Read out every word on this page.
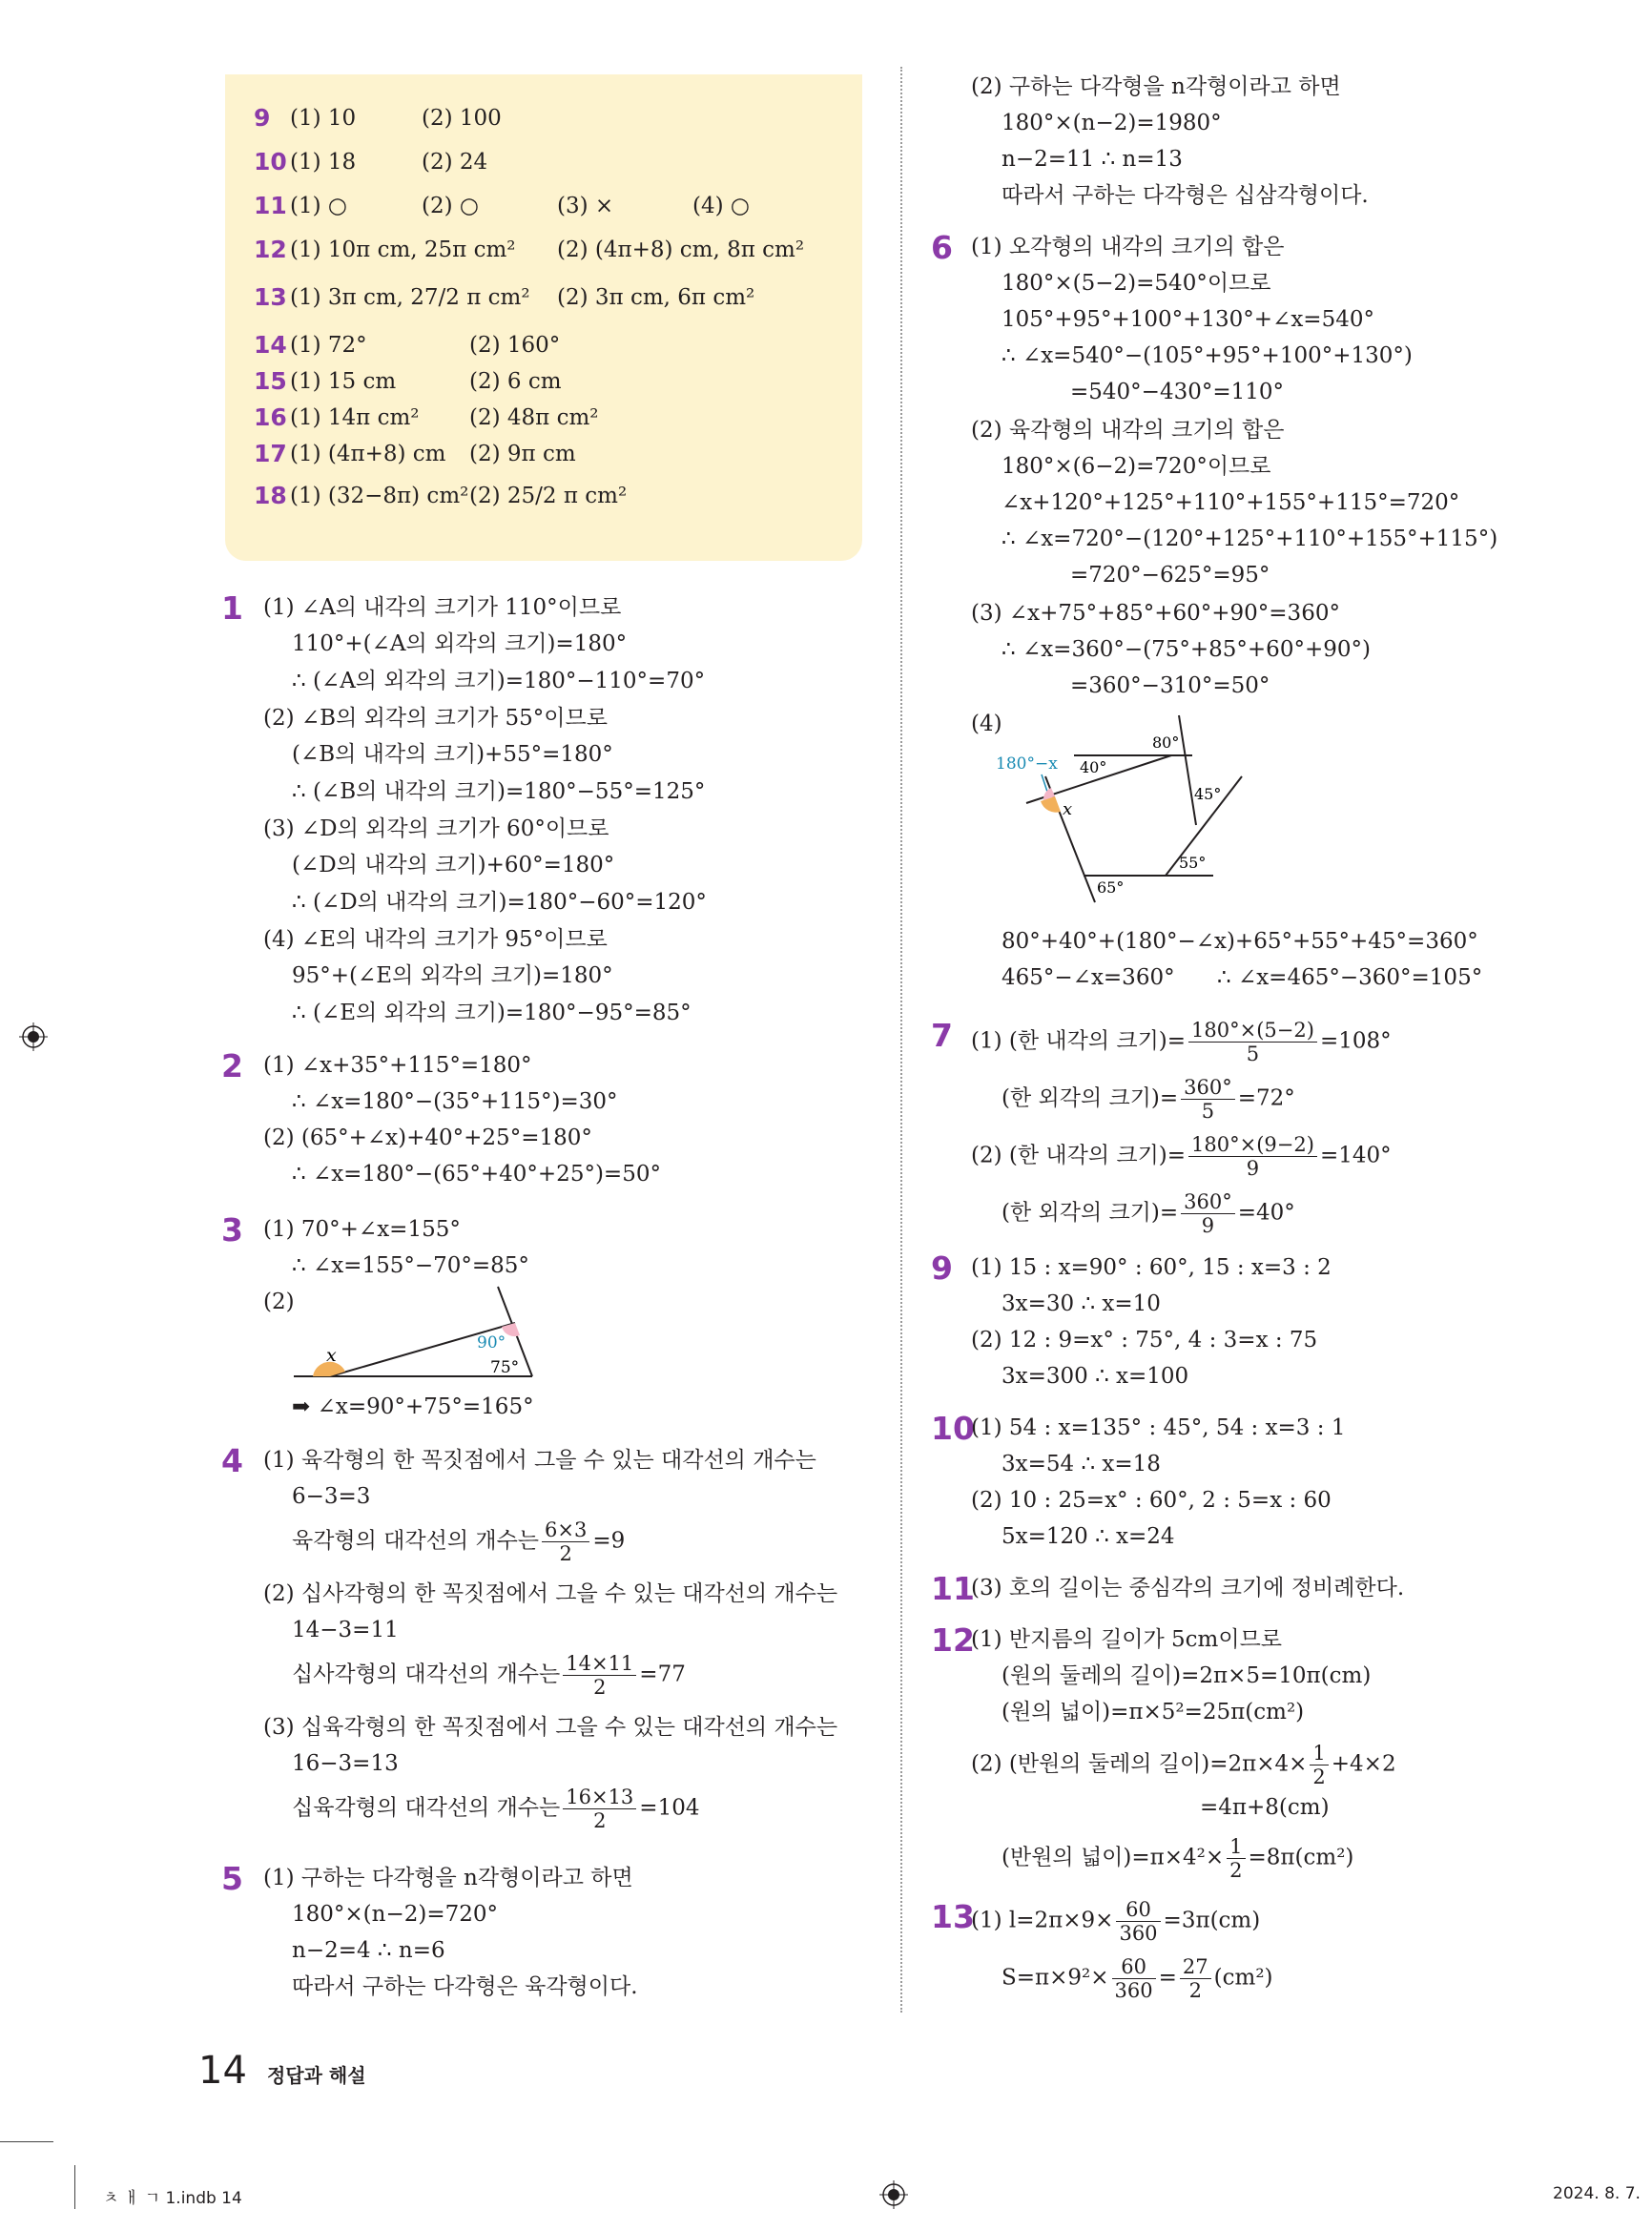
9 (1) 10	(2) 100
10 (1) 18	(2) 24
11 (1) ○	(2) ○	(3) ×	(4) ○
12 (1) 10π cm, 25π cm² (2) (4π+8) cm, 8π cm²
13 (1) 3π cm, 27/2 π cm² (2) 3π cm, 6π cm²
14 (1) 72°	(2) 160°
15 (1) 15 cm	(2) 6 cm
16 (1) 14π cm² (2) 48π cm²
17 (1) (4π+8) cm (2) 9π cm
18 (1) (32−8π) cm² (2) 25/2 π cm²
1 (1) ∠A의 내각의 크기가 110°이므로
110°+(∠A의 외각의 크기)=180°
∴ (∠A의 외각의 크기)=180°−110°=70°
(2) ∠B의 외각의 크기가 55°이므로
(∠B의 내각의 크기)+55°=180°
∴ (∠B의 내각의 크기)=180°−55°=125°
(3) ∠D의 외각의 크기가 60°이므로
(∠D의 내각의 크기)+60°=180°
∴ (∠D의 내각의 크기)=180°−60°=120°
(4) ∠E의 내각의 크기가 95°이므로
95°+(∠E의 외각의 크기)=180°
∴ (∠E의 외각의 크기)=180°−95°=85°
2 (1) ∠x+35°+115°=180°
∴ ∠x=180°−(35°+115°)=30°
(2) (65°+∠x)+40°+25°=180°
∴ ∠x=180°−(65°+40°+25°)=50°
3 (1) 70°+∠x=155°
∴ ∠x=155°−70°=85°
(2)
x
90°
75°
➡ ∠x=90°+75°=165°
4 (1) 육각형의 한 꼭짓점에서 그을 수 있는 대각선의 개수는
6−3=3
육각형의 대각선의 개수는 $\frac{6\times 3}{2} =9$
(2) 십사각형의 한 꼭짓점에서 그을 수 있는 대각선의 개수는
14−3=11
십사각형의 대각선의 개수는 $\frac{14\times 11}{2} =77$
(3) 십육각형의 한 꼭짓점에서 그을 수 있는 대각선의 개수는
16−3=13
십육각형의 대각선의 개수는 $\frac{16\times 13}{2} =104$
5 (1) 구하는 다각형을 n각형이라고 하면
180°×(n−2)=720°
n−2=4 ∴ n=6
따라서 구하는 다각형은 육각형이다.
(2) 구하는 다각형을 n각형이라고 하면
180°×(n−2)=1980°
n−2=11 ∴ n=13
따라서 구하는 다각형은 십삼각형이다.
6 (1) 오각형의 내각의 크기의 합은
180°×(5−2)=540°이므로
105°+95°+100°+130°+∠x=540°
∴ ∠x=540°−(105°+95°+100°+130°)
=540°−430°=110°
(2) 육각형의 내각의 크기의 합은
180°×(6−2)=720°이므로
∠x+120°+125°+110°+155°+115°=720°
∴ ∠x=720°−(120°+125°+110°+155°+115°)
=720°−625°=95°
(3) ∠x+75°+85°+60°+90°=360°
∴ ∠x=360°−(75°+85°+60°+90°)
=360°−310°=50°
(4)
180°−x 40°
80°
45°
55°
65°
x
80°+40°+(180°−∠x)+65°+55°+45°=360°
465°−∠x=360° ∴ ∠x=465°−360°=105°
7 (1) (한 내각의 크기)= $\frac{180^\circ\times(5-2)}{5} =108^\circ$
(한 외각의 크기)= $\frac{360^\circ}{5} =72^\circ$
(2) (한 내각의 크기)= $\frac{180^\circ\times(9-2)}{9} =140^\circ$
(한 외각의 크기)= $\frac{360^\circ}{9} =40^\circ$
9 (1) 15 : x=90° : 60°, 15 : x=3 : 2
3x=30 ∴ x=10
(2) 12 : 9=x° : 75°, 4 : 3=x : 75
3x=300 ∴ x=100
10
(1) 54 : x=135° : 45°, 54 : x=3 : 1
3x=54 ∴ x=18
(2) 10 : 25=x° : 60°, 2 : 5=x : 60
5x=120 ∴ x=24
11
(3) 호의 길이는 중심각의 크기에 정비례한다.
12
(1) 반지름의 길이가 5cm이므로
(원의 둘레의 길이)=2π×5=10π(cm)
(원의 넓이)=π×5²=25π(cm²)
(2) (반원의 둘레의 길이)$=2\pi\times 4\times \frac{1}{2} +4\times 2$
=4π+8(cm)
(반원의 넓이)$=\pi\times 4^2\times \frac{1}{2} =8\pi(cm^2)$
13
(1) $l=2\pi\times 9\times \frac{60}{360} =3\pi(cm)$
$S=\pi\times 9^2\times \frac{60}{360} = \frac{27}{2} (cm^2)$
14 정답과 해설
ㅊ ㅐ ㄱ 1.indb 14	2024. 8. 7.
